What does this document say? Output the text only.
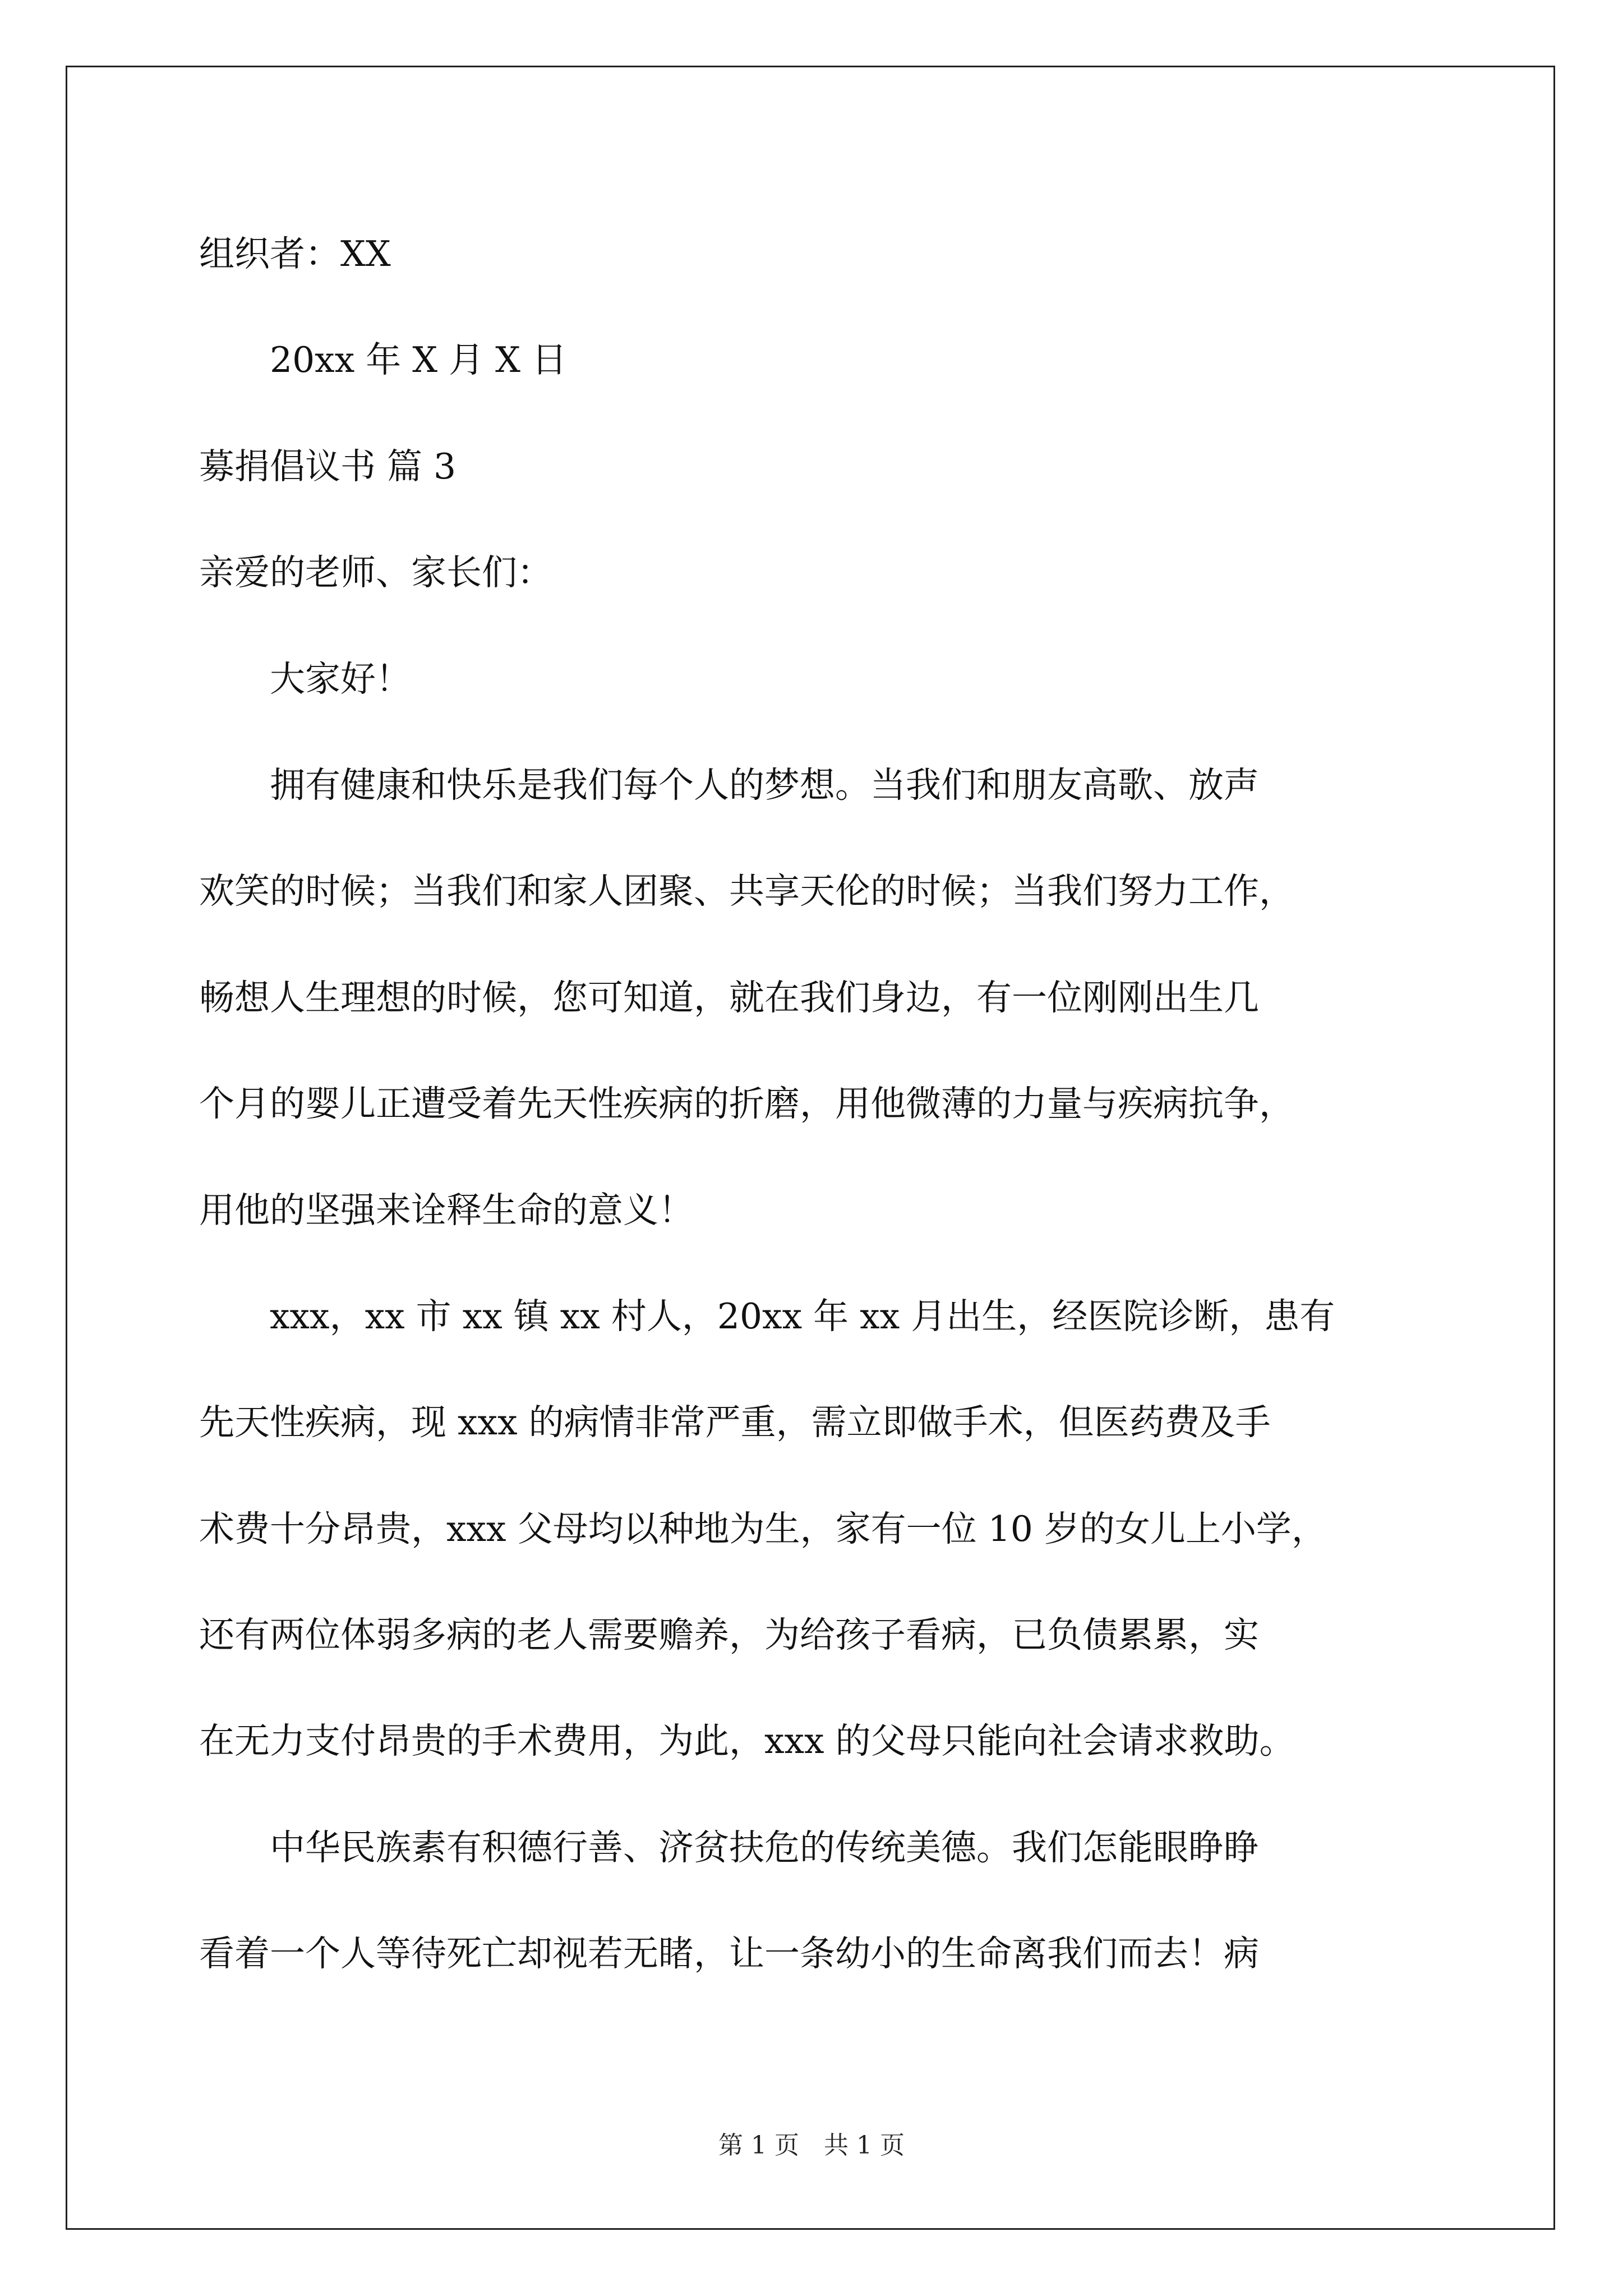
组织者：XX
　　20xx 年 X 月 X 日
募捐倡议书 篇 3
亲爱的老师、家长们：
　　大家好！
　　拥有健康和快乐是我们每个人的梦想。当我们和朋友高歌、放声
欢笑的时候；当我们和家人团聚、共享天伦的时候；当我们努力工作，
畅想人生理想的时候，您可知道，就在我们身边，有一位刚刚出生几
个月的婴儿正遭受着先天性疾病的折磨，用他微薄的力量与疾病抗争，
用他的坚强来诠释生命的意义！
　　xxx，xx 市 xx 镇 xx 村人，20xx 年 xx 月出生，经医院诊断，患有
先天性疾病，现 xxx 的病情非常严重，需立即做手术，但医药费及手
术费十分昂贵，xxx 父母均以种地为生，家有一位 10 岁的女儿上小学，
还有两位体弱多病的老人需要赡养，为给孩子看病，已负债累累，实
在无力支付昂贵的手术费用，为此，xxx 的父母只能向社会请求救助。
　　中华民族素有积德行善、济贫扶危的传统美德。我们怎能眼睁睁
看着一个人等待死亡却视若无睹，让一条幼小的生命离我们而去！病
第 1 页　共 1 页
